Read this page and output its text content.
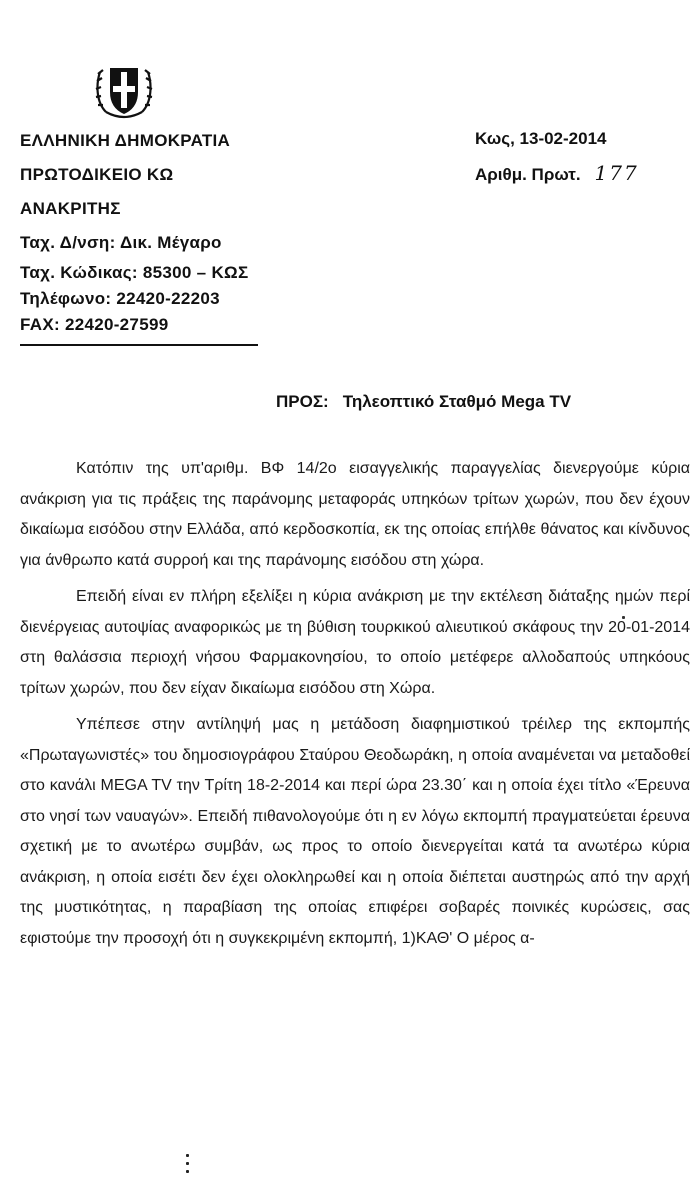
ΕΛΛΗΝΙΚΗ ΔΗΜΟΚΡΑΤΙΑ
ΠΡΩΤΟΔΙΚΕΙΟ ΚΩ
ΑΝΑΚΡΙΤΗΣ
Ταχ. Δ/νση: Δικ. Μέγαρο
Ταχ. Κώδικας: 85300 – ΚΩΣ
Τηλέφωνο: 22420-22203
FAX: 22420-27599
Κως, 13-02-2014
Αριθμ. Πρωτ. 177
ΠΡΟΣ: Τηλεοπτικό Σταθμό Mega TV

Κατόπιν της υπ'αριθμ. ΒΦ 14/2ο εισαγγελικής παραγγελίας διενεργούμε κύρια ανάκριση για τις πράξεις της παράνομης μεταφοράς υπηκόων τρίτων χωρών, που δεν έχουν δικαίωμα εισόδου στην Ελλάδα, από κερδοσκοπία, εκ της οποίας επήλθε θάνατος και κίνδυνος για άνθρωπο κατά συρροή και της παράνομης εισόδου στη χώρα.

Επειδή είναι εν πλήρη εξελίξει η κύρια ανάκριση με την εκτέλεση διάταξης ημών περί διενέργειας αυτοψίας αναφορικώς με τη βύθιση τουρκικού αλιευτικού σκάφους την 20-01-2014 στη θαλάσσια περιοχή νήσου Φαρμακονησίου, το οποίο μετέφερε αλλοδαπούς υπηκόους τρίτων χωρών, που δεν είχαν δικαίωμα εισόδου στη Χώρα.

Υπέπεσε στην αντίληψή μας η μετάδοση διαφημιστικού τρέιλερ της εκπομπής «Πρωταγωνιστές» του δημοσιογράφου Σταύρου Θεοδωράκη, η οποία αναμένεται να μεταδοθεί στο κανάλι MEGA TV την Τρίτη 18-2-2014 και περί ώρα 23.30΄ και η οποία έχει τίτλο «Έρευνα στο νησί των ναυαγών». Επειδή πιθανολογούμε ότι η εν λόγω εκπομπή πραγματεύεται έρευνα σχετική με το ανωτέρω συμβάν, ως προς το οποίο διενεργείται κατά τα ανωτέρω κύρια ανάκριση, η οποία εισέτι δεν έχει ολοκληρωθεί και η οποία διέπεται αυστηρώς από την αρχή της μυστικότητας, η παραβίαση της οποίας επιφέρει σοβαρές ποινικές κυρώσεις, σας εφιστούμε την προσοχή ότι η συγκεκριμένη εκπομπή, 1)ΚΑΘ' Ο μέρος α-
